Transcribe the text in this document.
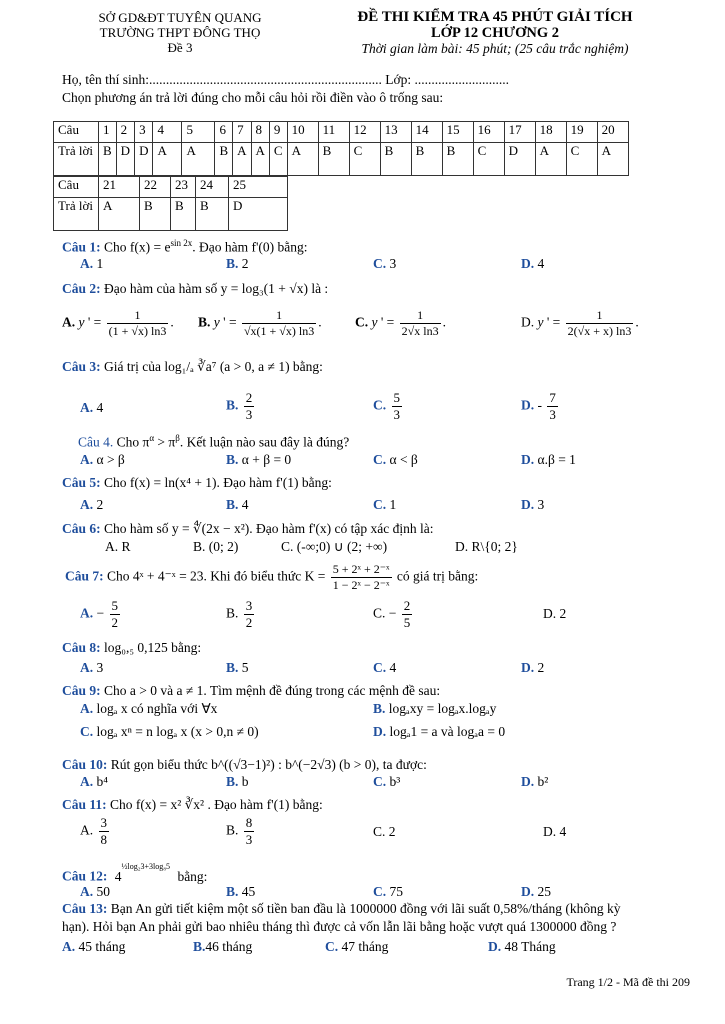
SỞ GD&ĐT TUYÊN QUANG
TRƯỜNG THPT ĐÔNG THỌ
Đề 3
ĐỀ THI KIỂM TRA 45 PHÚT GIẢI TÍCH
LỚP 12 CHƯƠNG 2
Thời gian làm bài: 45 phút; (25 câu trắc nghiệm)
Họ, tên thí sinh:..................................................................... Lớp: ............................
Chọn phương án trả lời đúng cho mỗi câu hỏi rồi điền vào ô trống sau:
Câu	1	2	3	4	5	6	7	8	9	10	11	12	13	14	15	16	17	18	19	20
Trả lời	B	D	D	A	A	B	A	A	C	A	B	C	B	B	B	C	D	A	C	A
Câu	21	22	23	24	25
Trả lời	A	B	B	B	D
Câu 1: Cho $f(x) = e^{sin 2x}$. Đạo hàm f'(0) bằng:
A. 1	B. 2	C. 3	D. 4
Câu 2: Đạo hàm của hàm số y = log₃(1 + √x) là :
A. y ' = $\frac{1}{(1 + √x) \ln 3}$ . B. y ' = $\frac{1}{√x(1 + √x) \ln 3}$ . C. y ' = $\frac{1}{\text{2√x ln3}}$ .	D. y ' = $\frac{1}{2(√x + x) \ln 3}$ .
Câu 3: Giá trị của log₁/ₐ ∛a⁷ (a > 0, a ≠ 1) bằng:
A. 4	B. $\frac{2}{3}$	C. $\frac{5}{3}$	D. - $\frac{7}{3}$
Câu 4. Cho $\pi^\alpha > \pi^\beta$. Kết luận nào sau đây là đúng?
A. α > β	B. α + β = 0	C. α < β	D. α.β = 1
Câu 5: Cho f(x) = ln(x⁴ + 1). Đạo hàm f'(1) bằng:
A. 2	B. 4	C. 1	D. 3
Câu 6: Cho hàm số y = ∜(2x − x²). Đạo hàm f'(x) có tập xác định là:
A. R	B. (0; 2)	C. (-∞;0) ∪ (2; +∞)	D. R\{0; 2}
Câu 7: Cho 4ˣ + 4⁻ˣ = 23. Khi đó biểu thức $K = \frac{\text{5 + 2ˣ + 2⁻ˣ}}{\text{1 − 2ˣ − 2⁻ˣ}}$ có giá trị bằng:
A. − $\frac{5}{2}$	B. $\frac{3}{2}$	C. − $\frac{2}{5}$	D. 2
Câu 8: log₀,₅ 0,125 bằng:
A. 3	B. 5	C. 4	D. 2
Câu 9: Cho a > 0 và a ≠ 1. Tìm mệnh đề đúng trong các mệnh đề sau:
A. logₐ x có nghĩa với ∀x	B. logₐxy = logₐx.logₐy
C. logₐ xⁿ = n logₐ x (x > 0,n ≠ 0)	D. logₐ1 = a và logₐa = 0
Câu 10: Rút gọn biểu thức b^((√3−1)²) : b^(−2√3) (b > 0), ta được:
A. b⁴	B. b	C. b³	D. b²
Câu 11: Cho f(x) = x² ∛x² . Đạo hàm f'(1) bằng:
A. $\frac{3}{8}$	B. $\frac{8}{3}$	C. 2	D. 4
Câu 12: $4^{\frac{1}{2}log_23+3log_85}$ bằng:
A. 50	B. 45	C. 75	D. 25
Câu 13: Bạn An gửi tiết kiệm một số tiền ban đầu là 1000000 đồng với lãi suất 0,58%/tháng (không kỳ
hạn). Hỏi bạn An phải gửi bao nhiêu tháng thì được cả vốn lẫn lãi bằng hoặc vượt quá 1300000 đồng ?
A. 45 tháng	B.46 tháng	C. 47 tháng	D. 48 Tháng
Trang 1/2 - Mã đề thi 209
